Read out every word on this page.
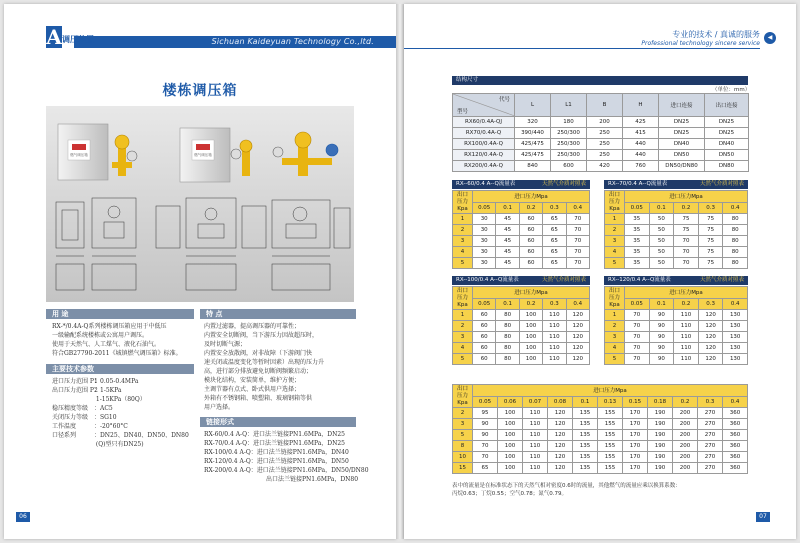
A 调压装置	Sichuan Kaideyuan Technology Co.,ltd.
楼栋调压箱
燃气调压箱	燃气调压箱
用 途

RX-*/0.4A-Q系列楼栋调压箱应用于中低压

一级输配系统楼栋或公寓用户调压。

使用于天然气、人工煤气、液化石油气。

符合GB27790-2011《城镇燃气调压箱》标准。

主要技术参数
进口压力范围 P1：0.05-0.4MPa
出口压力范围 P2：1-5KPa
1-15KPa（80Q）
稳压精度等级 ：AC5
关闭压力等级 ：SG10
工作温度	：-20°60°C
口径系列	：DN25、DN40、DN50、DN80
(Q)型只有DN25)
特 点

内置过滤器，提高调压器的可靠性；

内置安全切断阀，当下游压力因故超压时，

及时切断气源；

内置安全放散阀，对非故障（下游阀门快

速关闭或温度变化等暂时因素）出现的压力升

高，进行部分排放避免切断阀频繁启动；

模块化结构，安装简单，维护方便；

主调节器有点式、卧式供用户选择；

外箱有不锈钢箱、喷塑箱、玻璃钢箱等供

用户选择。

链接形式

RX-60/0.4 A-Q：进口法兰链接PN1.6MPa，DN25

RX-70/0.4 A-Q：进口法兰链接PN1.6MPa，DN25

RX-100/0.4 A-Q：进口法兰链接PN1.6MPa，DN40

RX-120/0.4 A-Q：进口法兰链接PN1.6MPa，DN50

RX-200/0.4 A-Q：进口法兰链接PN1.6MPa，DN50/DN80

出口法兰链接PN1.6MPa，DN80

06
专业的技术 / 真诚的服务
Professional technology sincere service
◀
结构尺寸
（单位：mm）
代号
型号	L	L1	B	H	进口连接	出口连接
RX60/0.4A-QJ	320	180	200	425	DN25	DN25
RX70/0.4A-Q	390/440	250/300	250	415	DN25	DN25
RX100/0.4A-Q	425/475	250/300	250	440	DN40	DN40
RX120/0.4A-Q	425/475	250/300	250	440	DN50	DN50
RX200/0.4A-Q	840	600	420	760	DN50/DN80	DN80
RX--60/0.4 A--Q流量表	天然气介质对照表
出口
压力
Kpa	进口压力Mpa				
	0.05	0.1	0.2	0.3	0.4
1	30	45	60	65	70
2	30	45	60	65	70
3	30	45	60	65	70
4	30	45	60	65	70
5	30	45	60	65	70
RX--70/0.4 A--Q流量表	天然气介质对照表
出口
压力
Kpa	进口压力Mpa				
	0.05	0.1	0.2	0.3	0.4
1	35	50	75	75	80
2	35	50	75	75	80
3	35	50	70	75	80
4	35	50	70	75	80
5	35	50	70	75	80
RX--100/0.4 A--Q流量表	天然气介质对照表
出口
压力
Kpa	进口压力Mpa				
	0.05	0.1	0.2	0.3	0.4
1	60	80	100	110	120
2	60	80	100	110	120
3	60	80	100	110	120
4	60	80	100	110	120
5	60	80	100	110	120
RX--120/0.4 A--Q流量表	天然气介质对照表
出口
压力
Kpa	进口压力Mpa				
	0.05	0.1	0.2	0.3	0.4
1	70	90	110	120	130
2	70	90	110	120	130
3	70	90	110	120	130
4	70	90	110	120	130
5	70	90	110	120	130
出口
压力
Kpa	进口压力Mpa										
	0.05	0.06	0.07	0.08	0.1	0.13	0.15	0.18	0.2	0.3	0.4
2	95	100	110	120	135	155	170	190	200	270	360
3	90	100	110	120	135	155	170	190	200	270	360
5	90	100	110	120	135	155	170	190	200	270	360
8	70	100	110	120	135	155	170	190	200	270	360
10	70	100	110	120	135	155	170	190	200	270	360
15	65	100	110	120	135	155	170	190	200	270	360
表中的流量是在标准状态下的天然气相对密度0.6时的流量，其他燃气的流量应乘以换算系数：
丙烷0.63；丁烷0.55；空气0.78；氮气0.79。
07
